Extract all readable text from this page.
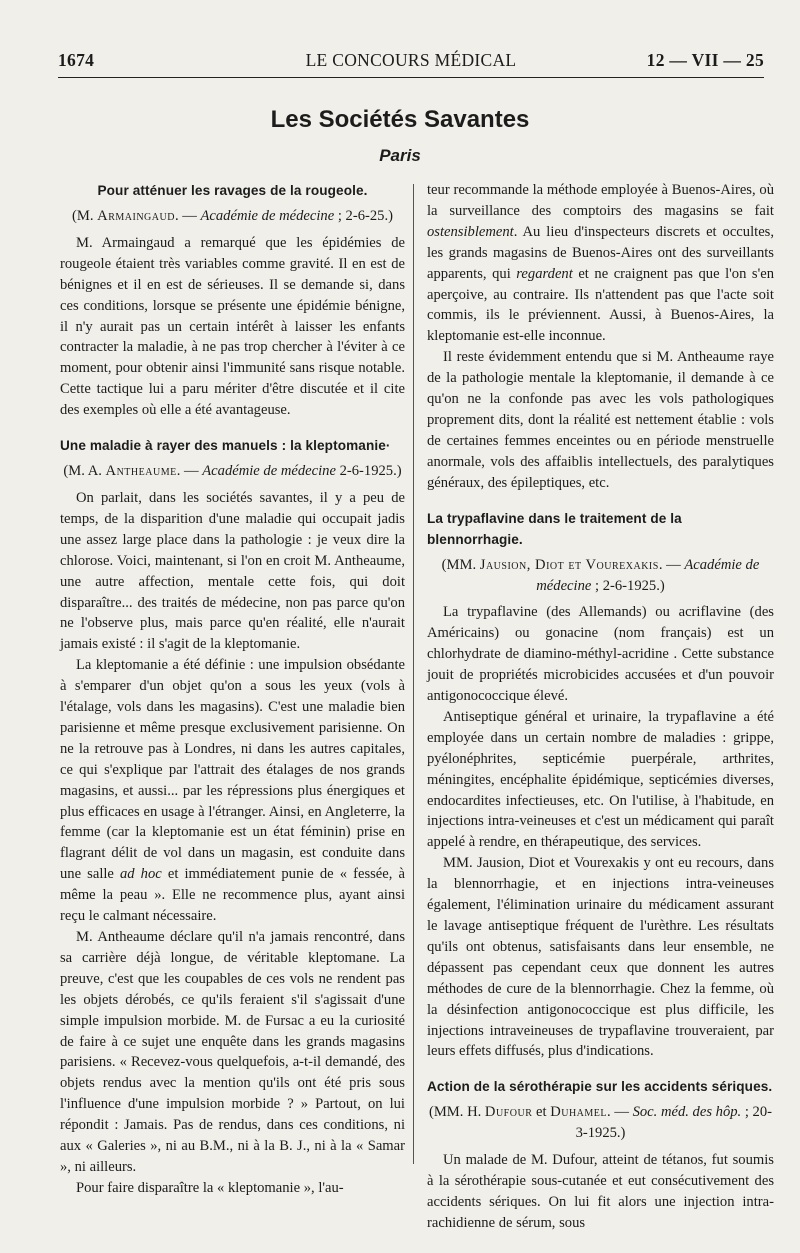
1674	LE CONCOURS MÉDICAL	12 — VII — 25
Les Sociétés Savantes
Paris
Pour atténuer les ravages de la rougeole.

(M. Armaingaud. — Académie de médecine ; 2-6-25.)

M. Armaingaud a remarqué que les épidémies de rougeole étaient très variables comme gravité. Il en est de bénignes et il en est de sérieuses. Il se demande si, dans ces conditions, lorsque se présente une épidémie bénigne, il n'y aurait pas un certain intérêt à laisser les enfants contracter la maladie, à ne pas trop chercher à l'éviter à ce moment, pour obtenir ainsi l'immunité sans risque notable. Cette tactique lui a paru mériter d'être discutée et il cite des exemples où elle a été avantageuse.

Une maladie à rayer des manuels : la kleptomanie·

(M. A. Antheaume. — Académie de médecine 2-6-1925.)

On parlait, dans les sociétés savantes, il y a peu de temps, de la disparition d'une maladie qui occupait jadis une assez large place dans la pathologie : je veux dire la chlorose. Voici, maintenant, si l'on en croit M. Antheaume, une autre affection, mentale cette fois, qui doit disparaître... des traités de médecine, non pas parce qu'on ne l'observe plus, mais parce qu'en réalité, elle n'aurait jamais existé : il s'agit de la kleptomanie.

La kleptomanie a été définie : une impulsion obsédante à s'emparer d'un objet qu'on a sous les yeux (vols à l'étalage, vols dans les magasins). C'est une maladie bien parisienne et même presque exclusivement parisienne. On ne la retrouve pas à Londres, ni dans les autres capitales, ce qui s'explique par l'attrait des étalages de nos grands magasins, et aussi... par les répressions plus énergiques et plus efficaces en usage à l'étranger. Ainsi, en Angleterre, la femme (car la kleptomanie est un état féminin) prise en flagrant délit de vol dans un magasin, est conduite dans une salle ad hoc et immédiatement punie de « fessée, à même la peau ». Elle ne recommence plus, ayant ainsi reçu le calmant nécessaire.

M. Antheaume déclare qu'il n'a jamais rencontré, dans sa carrière déjà longue, de véritable kleptomane. La preuve, c'est que les coupables de ces vols ne rendent pas les objets dérobés, ce qu'ils feraient s'il s'agissait d'une simple impulsion morbide. M. de Fursac a eu la curiosité de faire à ce sujet une enquête dans les grands magasins parisiens. « Recevez-vous quelquefois, a-t-il demandé, des objets rendus avec la mention qu'ils ont été pris sous l'influence d'une impulsion morbide ? » Partout, on lui répondit : Jamais. Pas de rendus, dans ces conditions, ni aux « Galeries », ni au B.M., ni à la B. J., ni à la « Samar », ni ailleurs.

Pour faire disparaître la « kleptomanie », l'au-

teur recommande la méthode employée à Buenos-Aires, où la surveillance des comptoirs des magasins se fait ostensiblement. Au lieu d'inspecteurs discrets et occultes, les grands magasins de Buenos-Aires ont des surveillants apparents, qui regardent et ne craignent pas que l'on s'en aperçoive, au contraire. Ils n'attendent pas que l'acte soit commis, ils le préviennent. Aussi, à Buenos-Aires, la kleptomanie est-elle inconnue.

Il reste évidemment entendu que si M. Antheaume raye de la pathologie mentale la kleptomanie, il demande à ce qu'on ne la confonde pas avec les vols pathologiques proprement dits, dont la réalité est nettement établie : vols de certaines femmes enceintes ou en période menstruelle anormale, vols des affaiblis intellectuels, des paralytiques généraux, des épileptiques, etc.

La trypaflavine dans le traitement de la blennorrhagie.

(MM. Jausion, Diot et Vourexakis. — Académie de médecine ; 2-6-1925.)

La trypaflavine (des Allemands) ou acriflavine (des Américains) ou gonacine (nom français) est un chlorhydrate de diamino-méthyl-acridine . Cette substance jouit de propriétés microbicides accusées et d'un pouvoir antigonococcique élevé.

Antiseptique général et urinaire, la trypaflavine a été employée dans un certain nombre de maladies : grippe, pyélonéphrites, septicémie puerpérale, arthrites, méningites, encéphalite épidémique, septicémies diverses, endocardites infectieuses, etc. On l'utilise, à l'habitude, en injections intra-veineuses et c'est un médicament qui paraît appelé à rendre, en thérapeutique, des services.

MM. Jausion, Diot et Vourexakis y ont eu recours, dans la blennorrhagie, et en injections intra-veineuses également, l'élimination urinaire du médicament assurant le lavage antiseptique fréquent de l'urèthre. Les résultats qu'ils ont obtenus, satisfaisants dans leur ensemble, ne dépassent pas cependant ceux que donnent les autres méthodes de cure de la blennorrhagie. Chez la femme, où la désinfection antigonococcique est plus difficile, les injections intraveineuses de trypaflavine trouveraient, par leurs effets diffusés, plus d'indications.

Action de la sérothérapie sur les accidents sériques.

(MM. H. Dufour et Duhamel. — Soc. méd. des hôp. ; 20-3-1925.)

Un malade de M. Dufour, atteint de tétanos, fut soumis à la sérothérapie sous-cutanée et eut consécutivement des accidents sériques. On lui fit alors une injection intra-rachidienne de sérum, sous
